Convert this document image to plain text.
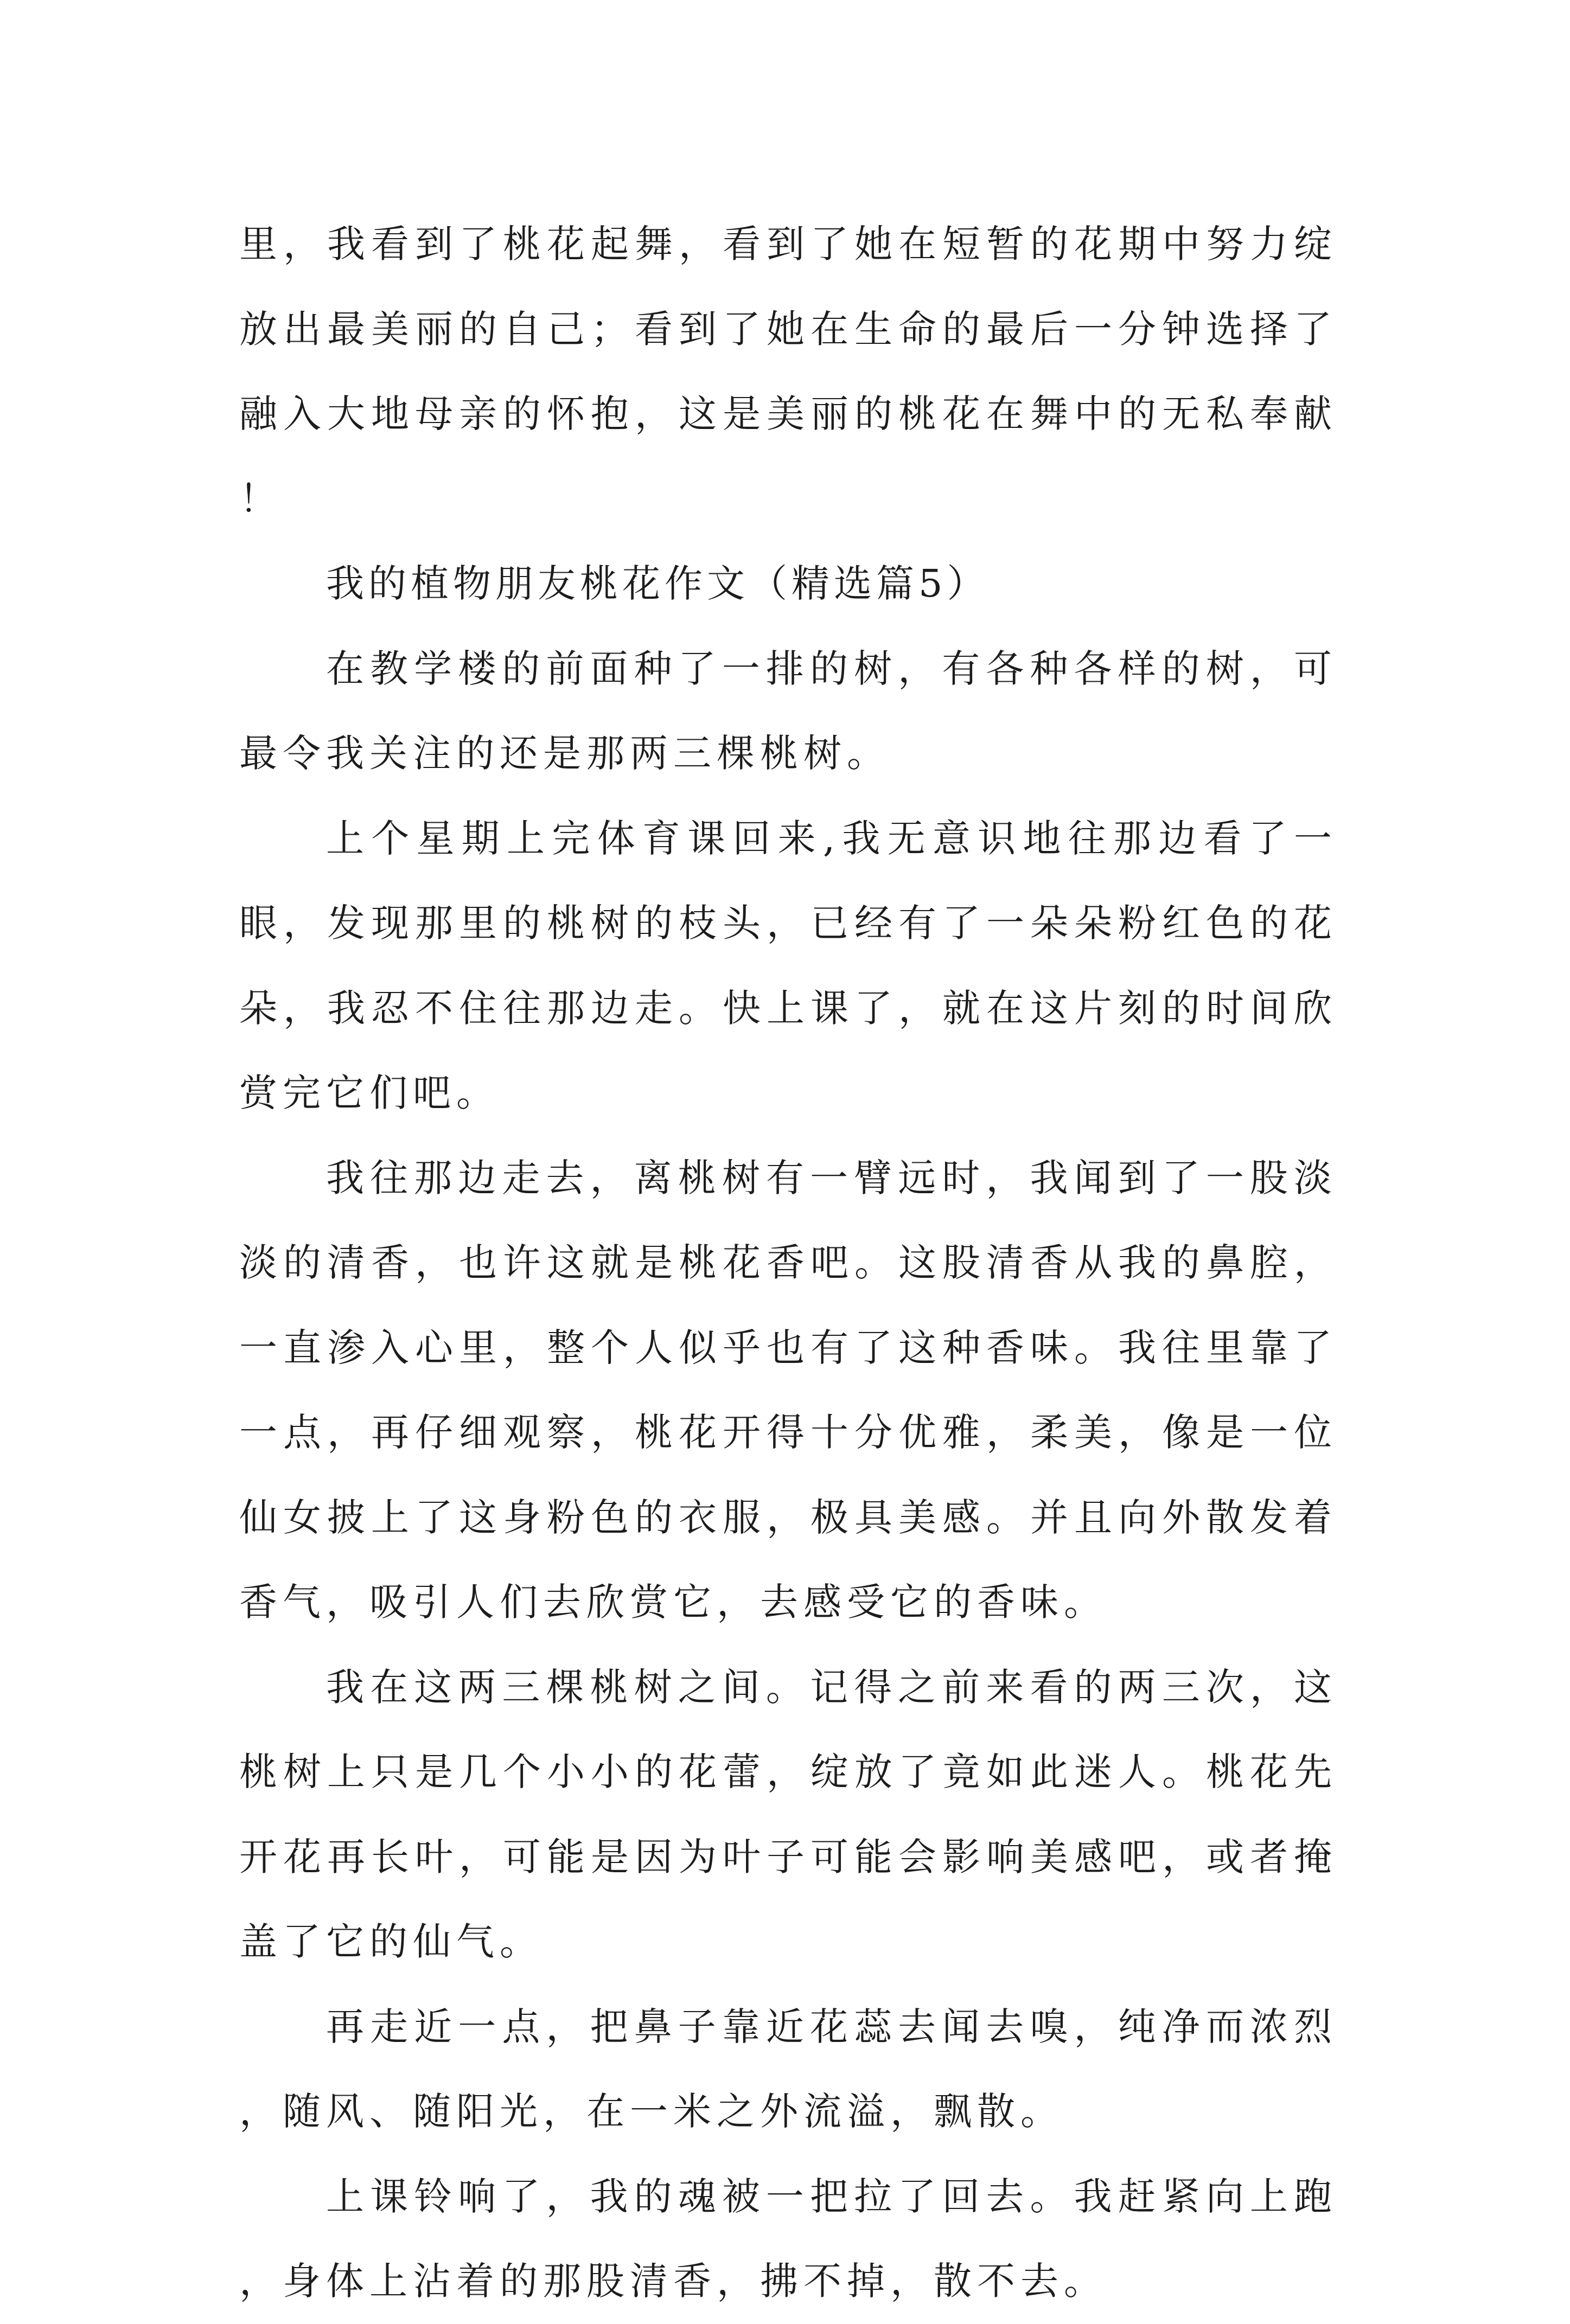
里，我看到了桃花起舞，看到了她在短暂的花期中努力绽放出最美丽的自己；看到了她在生命的最后一分钟选择了融入大地母亲的怀抱，这是美丽的桃花在舞中的无私奉献！

我的植物朋友桃花作文（精选篇5）

在教学楼的前面种了一排的树，有各种各样的树，可最令我关注的还是那两三棵桃树。

上个星期上完体育课回来,我无意识地往那边看了一眼，发现那里的桃树的枝头，已经有了一朵朵粉红色的花朵，我忍不住往那边走。快上课了，就在这片刻的时间欣赏完它们吧。

我往那边走去，离桃树有一臂远时，我闻到了一股淡淡的清香，也许这就是桃花香吧。这股清香从我的鼻腔，一直渗入心里，整个人似乎也有了这种香味。我往里靠了一点，再仔细观察，桃花开得十分优雅，柔美，像是一位仙女披上了这身粉色的衣服，极具美感。并且向外散发着香气，吸引人们去欣赏它，去感受它的香味。

我在这两三棵桃树之间。记得之前来看的两三次，这桃树上只是几个小小的花蕾，绽放了竟如此迷人。桃花先开花再长叶，可能是因为叶子可能会影响美感吧，或者掩盖了它的仙气。

再走近一点，把鼻子靠近花蕊去闻去嗅，纯净而浓烈，随风、随阳光，在一米之外流溢，飘散。

上课铃响了，我的魂被一把拉了回去。我赶紧向上跑，身体上沾着的那股清香，拂不掉，散不去。
